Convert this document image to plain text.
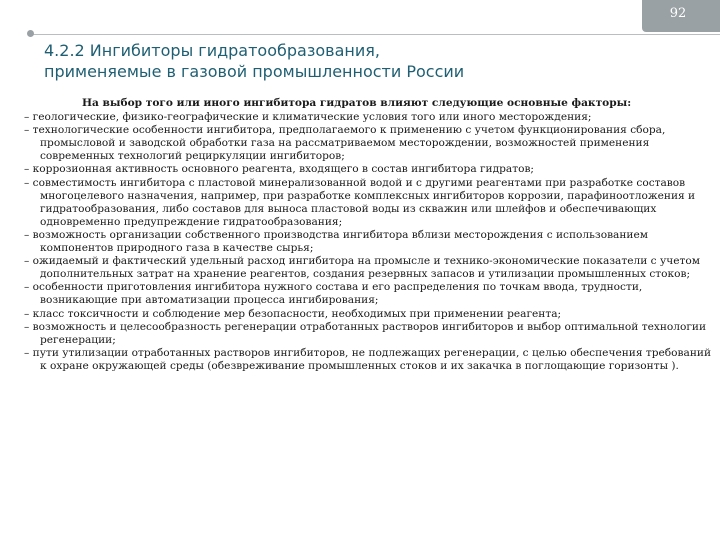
92
4.2.2 Ингибиторы гидратообразования,
применяемые в газовой промышленности России

На выбор того или иного ингибитора гидратов влияют следующие основные факторы:

– геологические, физико-географические и климатические условия того или иного месторождения;

– технологические особенности ингибитора, предполагаемого к применению с учетом функционирования сбора, промысловой и заводской обработки газа на рассматриваемом месторождении, возможностей применения современных технологий рециркуляции ингибиторов;

– коррозионная активность основного реагента, входящего в состав ингибитора гидратов;

– совместимость ингибитора с пластовой минерализованной водой и с другими реагентами при разработке составов многоцелевого назначения, например, при разработке комплексных ингибиторов коррозии, парафиноотложения и гидратообразования, либо составов для выноса пластовой воды из скважин или шлейфов и обеспечивающих одновременно предупреждение гидратообразования;

– возможность организации собственного производства ингибитора вблизи месторождения с использованием компонентов природного газа в качестве сырья;

– ожидаемый и фактический удельный расход ингибитора на промысле и технико-экономические показатели с учетом дополнительных затрат на хранение реагентов, создания резервных запасов и утилизации промышленных стоков;

– особенности приготовления ингибитора нужного состава и его распределения по точкам ввода, трудности, возникающие при автоматизации процесса ингибирования;

– класс токсичности и соблюдение мер безопасности, необходимых при применении реагента;

– возможность и целесообразность регенерации отработанных растворов ингибиторов и выбор оптимальной технологии регенерации;

– пути утилизации отработанных растворов ингибиторов, не подлежащих регенерации, с целью обеспечения требований к охране окружающей среды (обезвреживание промышленных стоков и их закачка в поглощающие горизонты ).
